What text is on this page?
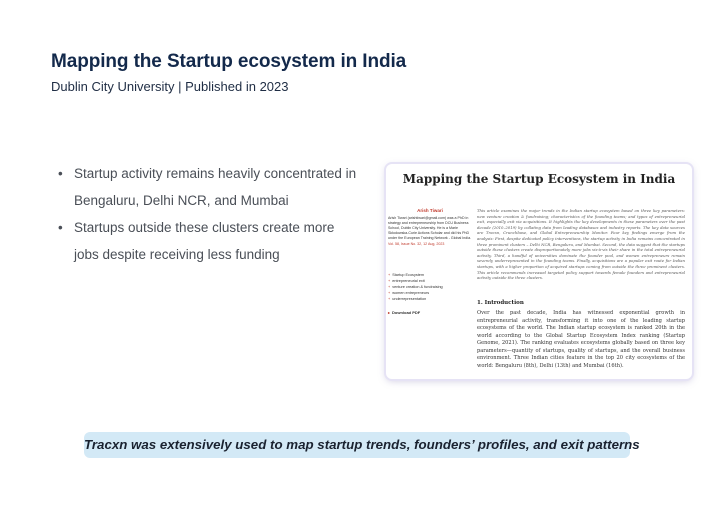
Mapping the Startup ecosystem in India
Dublin City University | Published in 2023
• Startup activity remains heavily concentrated in Bengaluru, Delhi NCR, and Mumbai
• Startups outside these clusters create more jobs despite receiving less funding
Mapping the Startup Ecosystem in India
Arish Tiwari
Arish Tiwari (arishtiwari@gmail.com) was a PhD in strategy and entrepreneurship from DCU Business School, Dublin City University. He is a Marie Skłodowska-Curie Actions Scholar and did his PhD under the European Training Network - Global India.
Vol. 58, Issue No. 32, 12 Aug, 2023
+ Startup Ecosystem
+ entrepreneurial exit
+ venture creation & fundraising
+ women entrepreneurs
+ underrepresentation
▸ Download PDF
This article examines the major trends in the Indian startup ecosystem based on three key parameters: new venture creation & fundraising; characteristics of the founding teams; and types of entrepreneurial exit, especially exit via acquisitions. It highlights the key developments in these parameters over the past decade (2010–2019) by collating data from leading databases and industry reports. The key data sources are Tracxn, Crunchbase, and Global Entrepreneurship Monitor. Four key findings emerge from the analysis: First, despite dedicated policy interventions, the startup activity in India remains concentrated in three prominent clusters – Delhi NCR, Bengaluru, and Mumbai. Second, the data suggest that the startups outside these clusters create disproportionately more jobs vis-à-vis their share in the total entrepreneurial activity. Third, a handful of universities dominate the founder pool, and women entrepreneurs remain severely underrepresented in the founding teams. Finally, acquisitions are a popular exit route for Indian startups, with a higher proportion of acquired startups coming from outside the three prominent clusters. This article recommends increased targeted policy support towards female founders and entrepreneurial activity outside the three clusters.
1. Introduction
Over the past decade, India has witnessed exponential growth in entrepreneurial activity, transforming it into one of the leading startup ecosystems of the world. The Indian startup ecosystem is ranked 20th in the world according to the Global Startup Ecosystem Index ranking (Startup Genome, 2021). The ranking evaluates ecosystems globally based on three key parameters—quantity of startups, quality of startups, and the overall business environment. Three Indian cities feature in the top 20 city ecosystems of the world: Bengaluru (8th), Delhi (13th) and Mumbai (16th).
Tracxn was extensively used to map startup trends, founders’ profiles, and exit patterns
